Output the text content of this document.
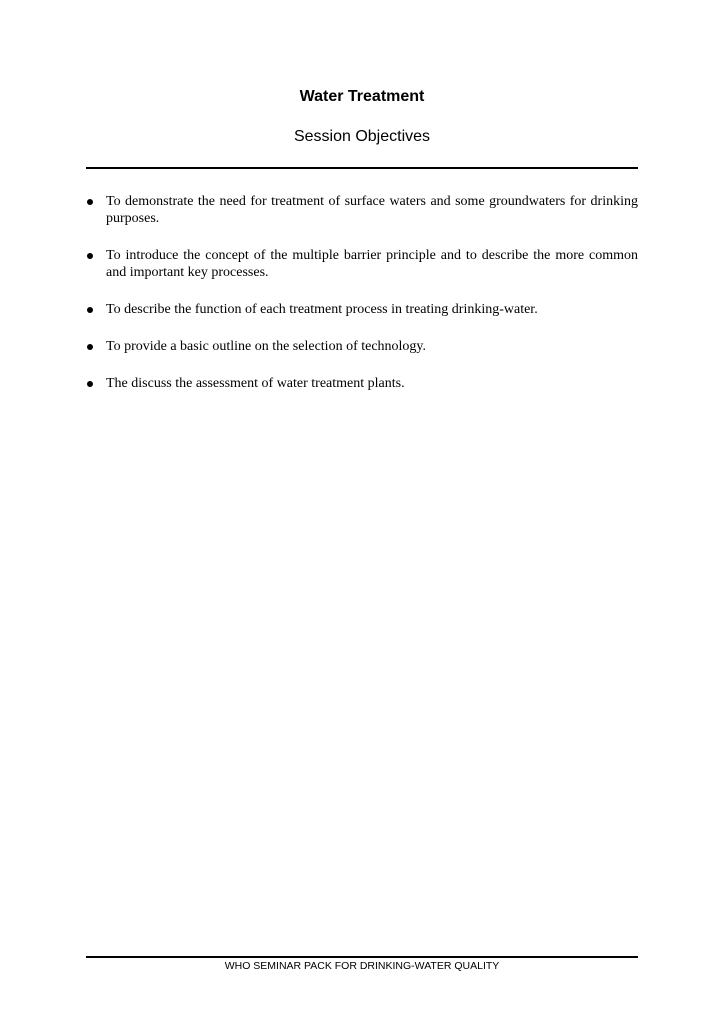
Water Treatment
Session Objectives
To demonstrate the need for treatment of surface waters and some groundwaters for drinking purposes.
To introduce the concept of the multiple barrier principle and to describe the more common and important key processes.
To describe the function of each treatment process in treating drinking-water.
To provide a basic outline on the selection of technology.
The discuss the assessment of water treatment plants.
WHO SEMINAR PACK FOR DRINKING-WATER QUALITY
